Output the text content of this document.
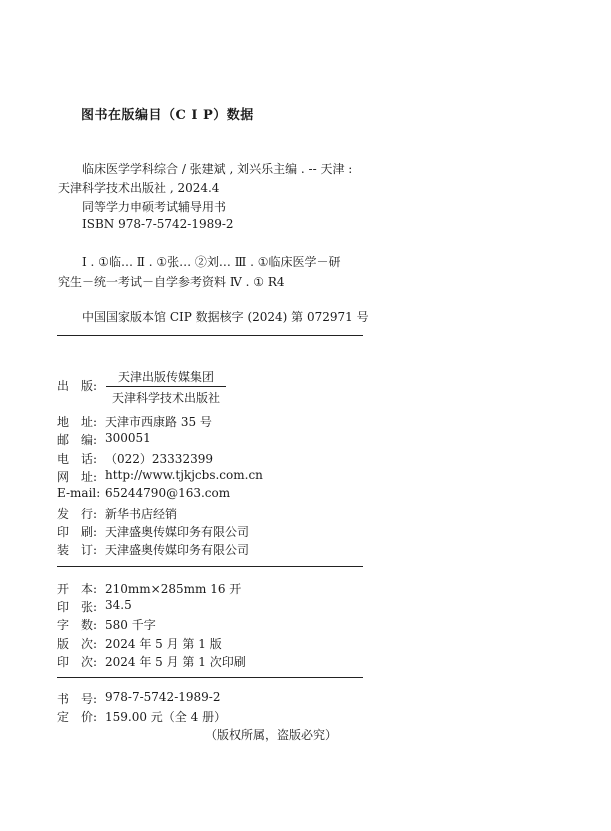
图书在版编目（C I P）数据
临床医学学科综合 / 张建斌 , 刘兴乐主编 . -- 天津 :
天津科学技术出版社 , 2024.4
同等学力申硕考试辅导用书
ISBN 978-7-5742-1989-2
Ⅰ . ①临… Ⅱ . ①张… ②刘… Ⅲ . ①临床医学－研
究生－统一考试－自学参考资料 Ⅳ . ① R4
中国国家版本馆 CIP 数据核字 (2024) 第 072971 号
出　版:
天津出版传媒集团
天津科学技术出版社
地　址: 天津市西康路 35 号
邮　编: 300051
电　话: （022）23332399
网　址: http://www.tjkjcbs.com.cn
E-mail: 65244790@163.com
发　行: 新华书店经销
印　刷: 天津盛奥传媒印务有限公司
装　订: 天津盛奥传媒印务有限公司
开　本: 210mm×285mm 16 开
印　张: 34.5
字　数: 580 千字
版　次: 2024 年 5 月 第 1 版
印　次: 2024 年 5 月 第 1 次印刷
书　号: 978-7-5742-1989-2
定　价: 159.00 元（全 4 册）
（版权所属，盗版必究）
